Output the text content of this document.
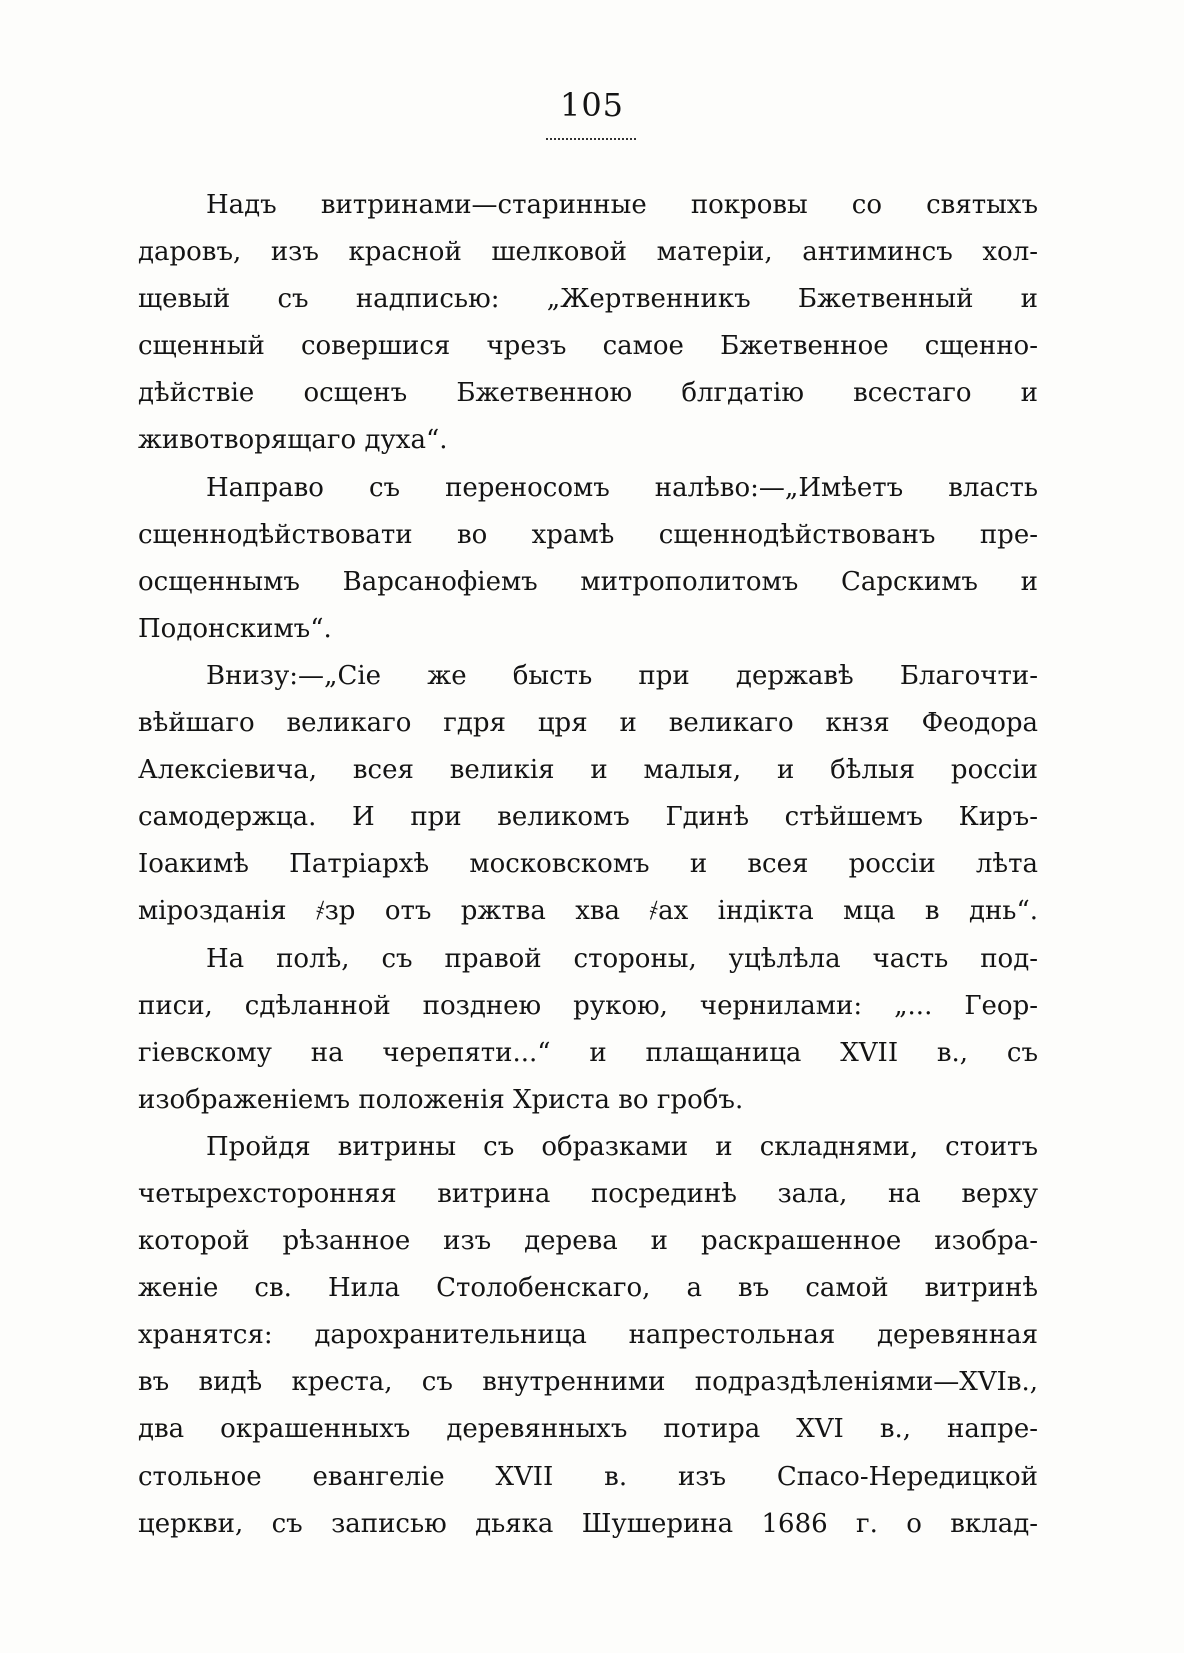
105
Надъ витринами—старинные покровы со святыхъ
даровъ, изъ красной шелковой матеріи, антиминсъ хол-
щевый съ надписью: „Жертвенникъ Бжетвенный и
сщенный совершися чрезъ самое Бжетвенное сщенно-
дѣйствіе осщенъ Бжетвенною блгдатію всестаго и
животворящаго духа“.
Направо съ переносомъ налѣво:—„Имѣетъ власть
сщеннодѣйствовати во храмѣ сщеннодѣйствованъ пре-
осщеннымъ Варсанофіемъ митрополитомъ Сарскимъ и
Подонскимъ“.
Внизу:—„Сіе же бысть при державѣ Благочти-
вѣйшаго великаго гдря цря и великаго кнзя Феодора
Алексіевича, всея великія и малыя, и бѣлыя россіи
самодержца. И при великомъ Гдинѣ стѣйшемъ Киръ-
Іоакимѣ Патріархѣ московскомъ и всея россіи лѣта
мірозданія ҂зр отъ ржтва хва ҂ах індікта мца в днь“.
На полѣ, съ правой стороны, уцѣлѣла часть под-
писи, сдѣланной позднею рукою, чернилами: „... Геор-
гіевскому на черепяти...“ и плащаница XVII в., съ
изображеніемъ положенія Христа во гробъ.
Пройдя витрины съ образками и складнями, стоитъ
четырехсторонняя витрина посрединѣ зала, на верху
которой рѣзанное изъ дерева и раскрашенное изобра-
женіе св. Нила Столобенскаго, а въ самой витринѣ
хранятся: дарохранительница напрестольная деревянная
въ видѣ креста, съ внутренними подраздѣленіями—XVIв.,
два окрашенныхъ деревянныхъ потира XVI в., напре-
стольное евангеліе XVII в. изъ Спасо-Нередицкой
церкви, съ записью дьяка Шушерина 1686 г. о вклад-
